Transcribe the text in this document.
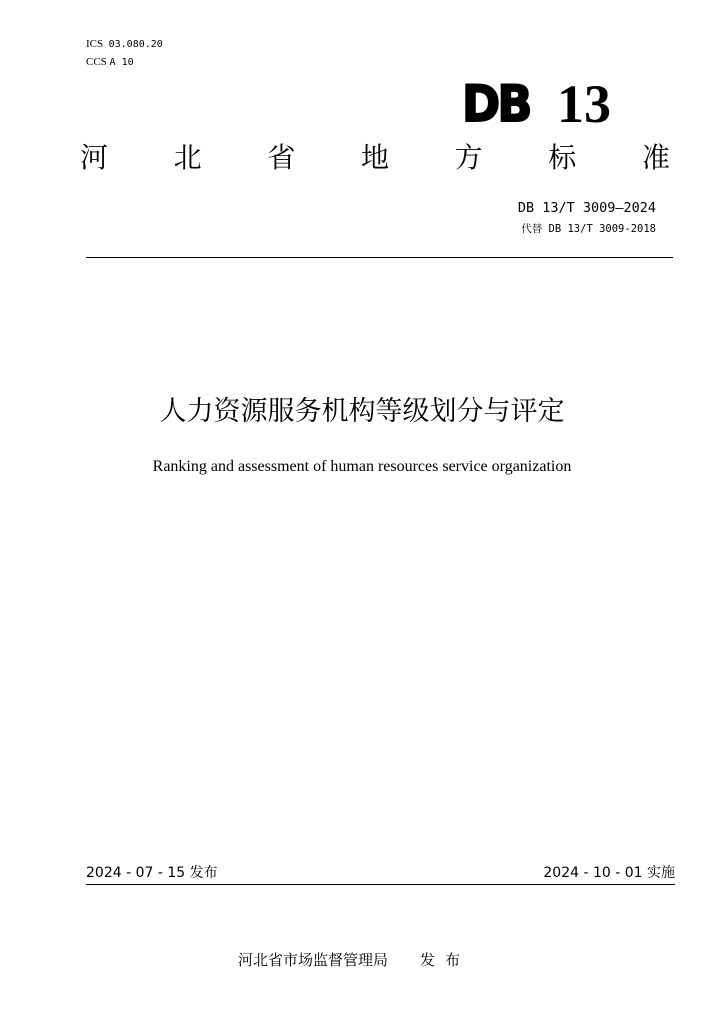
ICS 03.080.20
CCS A 10
DB 13
河 北 省 地 方 标 准
DB 13/T 3009—2024
代替 DB 13/T 3009-2018
人力资源服务机构等级划分与评定
Ranking and assessment of human resources service organization
2024 - 07 - 15 发布	2024 - 10 - 01 实施
河北省市场监督管理局 发布
